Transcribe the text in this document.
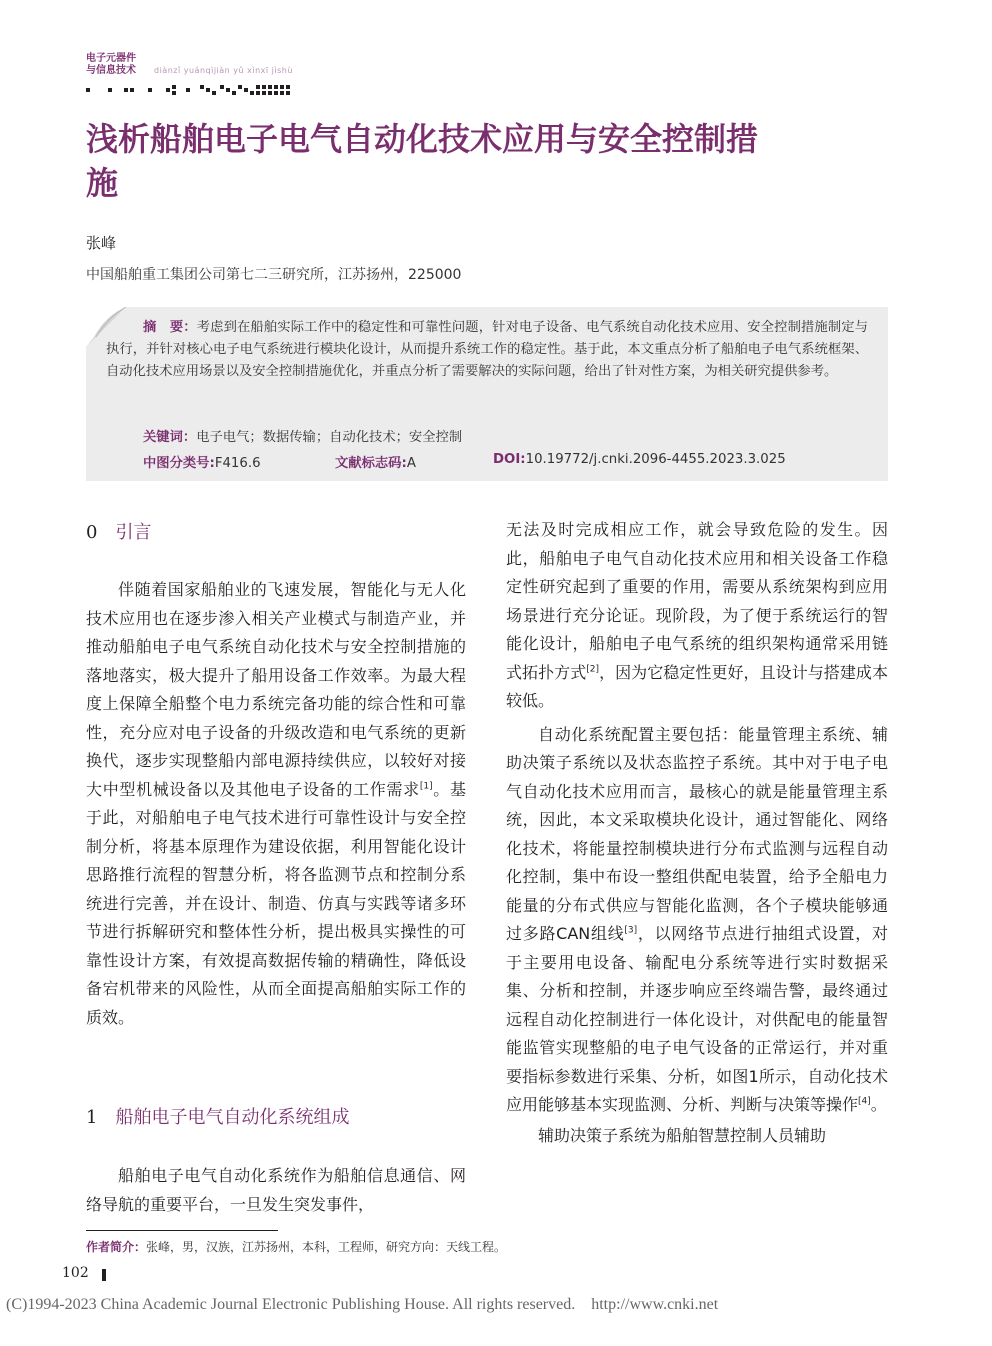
电子元器件
与信息技术 diànzǐ yuánqìjiàn yǔ xìnxī jìshù
浅析船舶电子电气自动化技术应用与安全控制措施
张峰
中国船舶重工集团公司第七二三研究所，江苏扬州，225000
摘　要：考虑到在船舶实际工作中的稳定性和可靠性问题，针对电子设备、电气系统自动化技术应用、安全控制措施制定与执行，并针对核心电子电气系统进行模块化设计，从而提升系统工作的稳定性。基于此，本文重点分析了船舶电子电气系统框架、自动化技术应用场景以及安全控制措施优化，并重点分析了需要解决的实际问题，给出了针对性方案，为相关研究提供参考。
关键词：电子电气；数据传输；自动化技术；安全控制
中图分类号:F416.6	文献标志码:A	DOI:10.19772/j.cnki.2096-4455.2023.3.025
0 引言

伴随着国家船舶业的飞速发展，智能化与无人化技术应用也在逐步渗入相关产业模式与制造产业，并推动船舶电子电气系统自动化技术与安全控制措施的落地落实，极大提升了船用设备工作效率。为最大程度上保障全船整个电力系统完备功能的综合性和可靠性，充分应对电子设备的升级改造和电气系统的更新换代，逐步实现整船内部电源持续供应，以较好对接大中型机械设备以及其他电子设备的工作需求[1]。基于此，对船舶电子电气技术进行可靠性设计与安全控制分析，将基本原理作为建设依据，利用智能化设计思路推行流程的智慧分析，将各监测节点和控制分系统进行完善，并在设计、制造、仿真与实践等诸多环节进行拆解研究和整体性分析，提出极具实操性的可靠性设计方案，有效提高数据传输的精确性，降低设备宕机带来的风险性，从而全面提高船舶实际工作的质效。

1 船舶电子电气自动化系统组成

船舶电子电气自动化系统作为船舶信息通信、网络导航的重要平台，一旦发生突发事件，

无法及时完成相应工作，就会导致危险的发生。因此，船舶电子电气自动化技术应用和相关设备工作稳定性研究起到了重要的作用，需要从系统架构到应用场景进行充分论证。现阶段，为了便于系统运行的智能化设计，船舶电子电气系统的组织架构通常采用链式拓扑方式[2]，因为它稳定性更好，且设计与搭建成本较低。

自动化系统配置主要包括：能量管理主系统、辅助决策子系统以及状态监控子系统。其中对于电子电气自动化技术应用而言，最核心的就是能量管理主系统，因此，本文采取模块化设计，通过智能化、网络化技术，将能量控制模块进行分布式监测与远程自动化控制，集中布设一整组供配电装置，给予全船电力能量的分布式供应与智能化监测，各个子模块能够通过多路CAN组线[3]，以网络节点进行抽组式设置，对于主要用电设备、输配电分系统等进行实时数据采集、分析和控制，并逐步响应至终端告警，最终通过远程自动化控制进行一体化设计，对供配电的能量智能监管实现整船的电子电气设备的正常运行，并对重要指标参数进行采集、分析，如图1所示，自动化技术应用能够基本实现监测、分析、判断与决策等操作[4]。

辅助决策子系统为船舶智慧控制人员辅助

作者简介：张峰，男，汉族，江苏扬州，本科，工程师，研究方向：天线工程。
102
(C)1994-2023 China Academic Journal Electronic Publishing House. All rights reserved.    http://www.cnki.net
